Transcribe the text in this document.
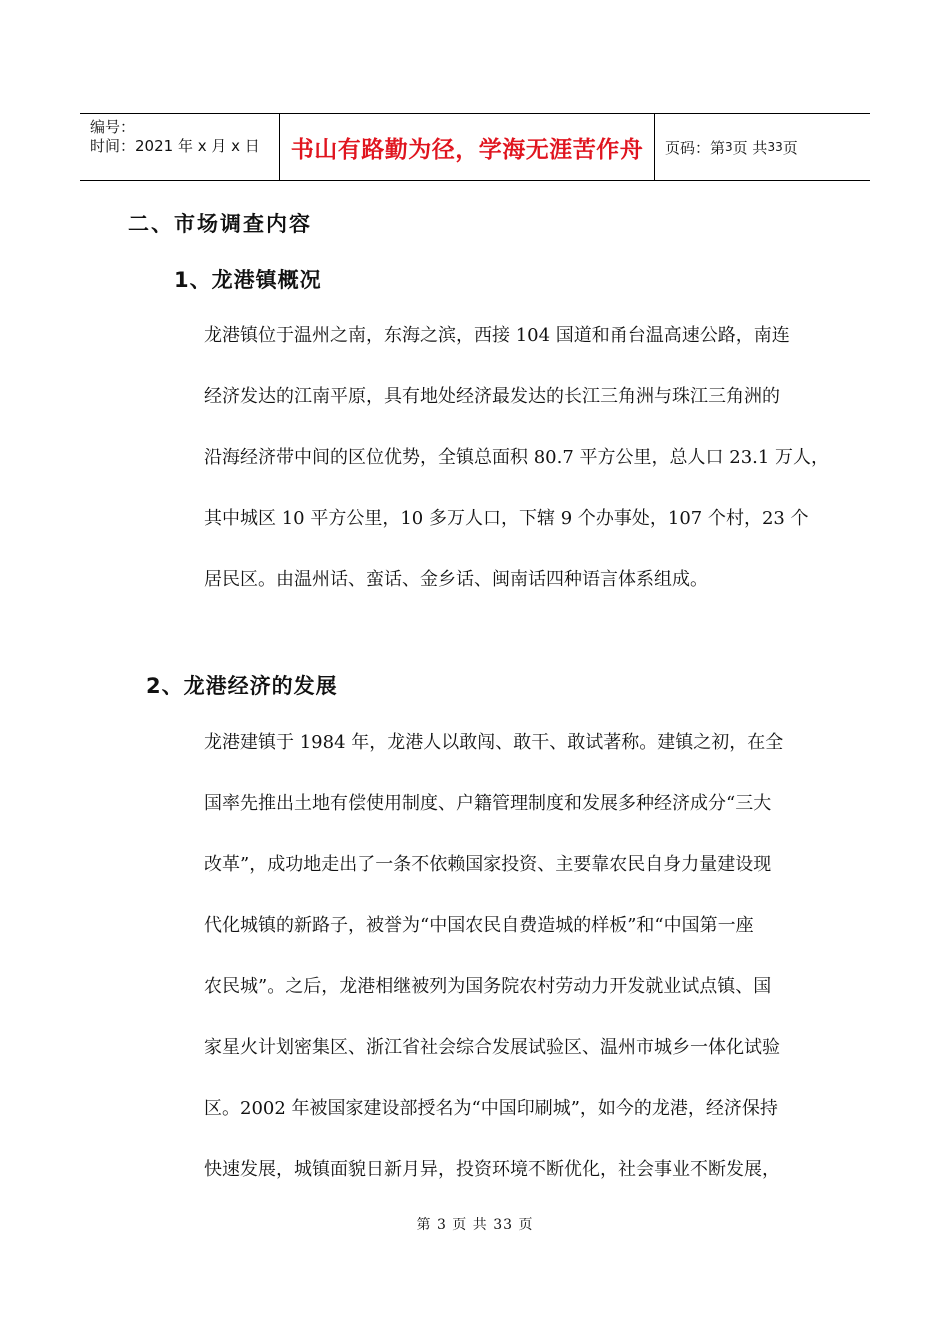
编号：
时间：2021 年 x 月 x 日	书山有路勤为径，学海无涯苦作舟	页码：第 3 页 共 33 页
二、市场调查内容
1、龙港镇概况
龙港镇位于温州之南，东海之滨，西接 104 国道和甬台温高速公路，南连
经济发达的江南平原，具有地处经济最发达的长江三角洲与珠江三角洲的
沿海经济带中间的区位优势，全镇总面积 80.7 平方公里，总人口 23.1 万人，
其中城区 10 平方公里，10 多万人口，下辖 9 个办事处，107 个村，23 个
居民区。由温州话、蛮话、金乡话、闽南话四种语言体系组成。
2、龙港经济的发展
龙港建镇于 1984 年，龙港人以敢闯、敢干、敢试著称。建镇之初，在全
国率先推出土地有偿使用制度、户籍管理制度和发展多种经济成分“三大
改革”，成功地走出了一条不依赖国家投资、主要靠农民自身力量建设现
代化城镇的新路子，被誉为“中国农民自费造城的样板”和“中国第一座
农民城”。之后，龙港相继被列为国务院农村劳动力开发就业试点镇、国
家星火计划密集区、浙江省社会综合发展试验区、温州市城乡一体化试验
区。2002 年被国家建设部授名为“中国印刷城”，如今的龙港，经济保持
快速发展，城镇面貌日新月异，投资环境不断优化，社会事业不断发展，
第 3 页 共 33 页
